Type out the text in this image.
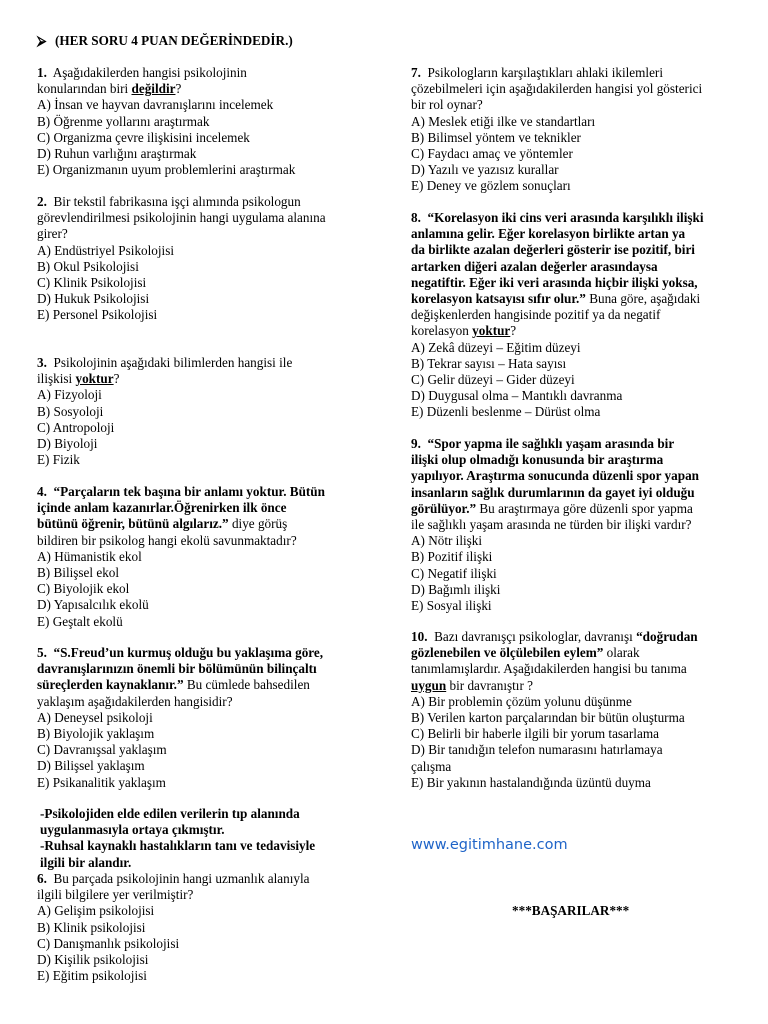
⮚ (HER SORU 4 PUAN DEĞERİNDEDİR.)
1. Aşağıdakilerden hangisi psikolojinin
konularından biri değildir?
A) İnsan ve hayvan davranışlarını incelemek
B) Öğrenme yollarını araştırmak
C) Organizma çevre ilişkisini incelemek
D) Ruhun varlığını araştırmak
E) Organizmanın uyum problemlerini araştırmak
2. Bir tekstil fabrikasına işçi alımında psikologun
görevlendirilmesi psikolojinin hangi uygulama alanına
girer?
A) Endüstriyel Psikolojisi
B) Okul Psikolojisi
C) Klinik Psikolojisi
D) Hukuk Psikolojisi
E) Personel Psikolojisi
3. Psikolojinin aşağıdaki bilimlerden hangisi ile
ilişkisi yoktur?
A) Fizyoloji
B) Sosyoloji
C) Antropoloji
D) Biyoloji
E) Fizik
4. “Parçaların tek başına bir anlamı yoktur. Bütün
içinde anlam kazanırlar.Öğrenirken ilk önce
bütünü öğrenir, bütünü algılarız.” diye görüş
bildiren bir psikolog hangi ekolü savunmaktadır?
A) Hümanistik ekol
B) Bilişsel ekol
C) Biyolojik ekol
D) Yapısalcılık ekolü
E) Geştalt ekolü
5. “S.Freud’un kurmuş olduğu bu yaklaşıma göre,
davranışlarınızın önemli bir bölümünün bilinçaltı
süreçlerden kaynaklanır.” Bu cümlede bahsedilen
yaklaşım aşağıdakilerden hangisidir?
A) Deneysel psikoloji
B) Biyolojik yaklaşım
C) Davranışsal yaklaşım
D) Bilişsel yaklaşım
E) Psikanalitik yaklaşım
-Psikolojiden elde edilen verilerin tıp alanında
uygulanmasıyla ortaya çıkmıştır.
-Ruhsal kaynaklı hastalıkların tanı ve tedavisiyle
ilgili bir alandır.
6. Bu parçada psikolojinin hangi uzmanlık alanıyla
ilgili bilgilere yer verilmiştir?
A) Gelişim psikolojisi
B) Klinik psikolojisi
C) Danışmanlık psikolojisi
D) Kişilik psikolojisi
E) Eğitim psikolojisi
7. Psikologların karşılaştıkları ahlaki ikilemleri
çözebilmeleri için aşağıdakilerden hangisi yol gösterici
bir rol oynar?
A) Meslek etiği ilke ve standartları
B) Bilimsel yöntem ve teknikler
C) Faydacı amaç ve yöntemler
D) Yazılı ve yazısız kurallar
E) Deney ve gözlem sonuçları
8. “Korelasyon iki cins veri arasında karşılıklı ilişki
anlamına gelir. Eğer korelasyon birlikte artan ya
da birlikte azalan değerleri gösterir ise pozitif, biri
artarken diğeri azalan değerler arasındaysa
negatiftir. Eğer iki veri arasında hiçbir ilişki yoksa,
korelasyon katsayısı sıfır olur.” Buna göre, aşağıdaki
değişkenlerden hangisinde pozitif ya da negatif
korelasyon yoktur?
A) Zekâ düzeyi – Eğitim düzeyi
B) Tekrar sayısı – Hata sayısı
C) Gelir düzeyi – Gider düzeyi
D) Duygusal olma – Mantıklı davranma
E) Düzenli beslenme – Dürüst olma
9. “Spor yapma ile sağlıklı yaşam arasında bir
ilişki olup olmadığı konusunda bir araştırma
yapılıyor. Araştırma sonucunda düzenli spor yapan
insanların sağlık durumlarının da gayet iyi olduğu
görülüyor.” Bu araştırmaya göre düzenli spor yapma
ile sağlıklı yaşam arasında ne türden bir ilişki vardır?
A) Nötr ilişki
B) Pozitif ilişki
C) Negatif ilişki
D) Bağımlı ilişki
E) Sosyal ilişki
10. Bazı davranışçı psikologlar, davranışı “doğrudan
gözlenebilen ve ölçülebilen eylem” olarak
tanımlamışlardır. Aşağıdakilerden hangisi bu tanıma
uygun bir davranıştır ?
A) Bir problemin çözüm yolunu düşünme
B) Verilen karton parçalarından bir bütün oluşturma
C) Belirli bir haberle ilgili bir yorum tasarlama
D) Bir tanıdığın telefon numarasını hatırlamaya
çalışma
E) Bir yakının hastalandığında üzüntü duyma
www.egitimhane.com
***BAŞARILAR***
